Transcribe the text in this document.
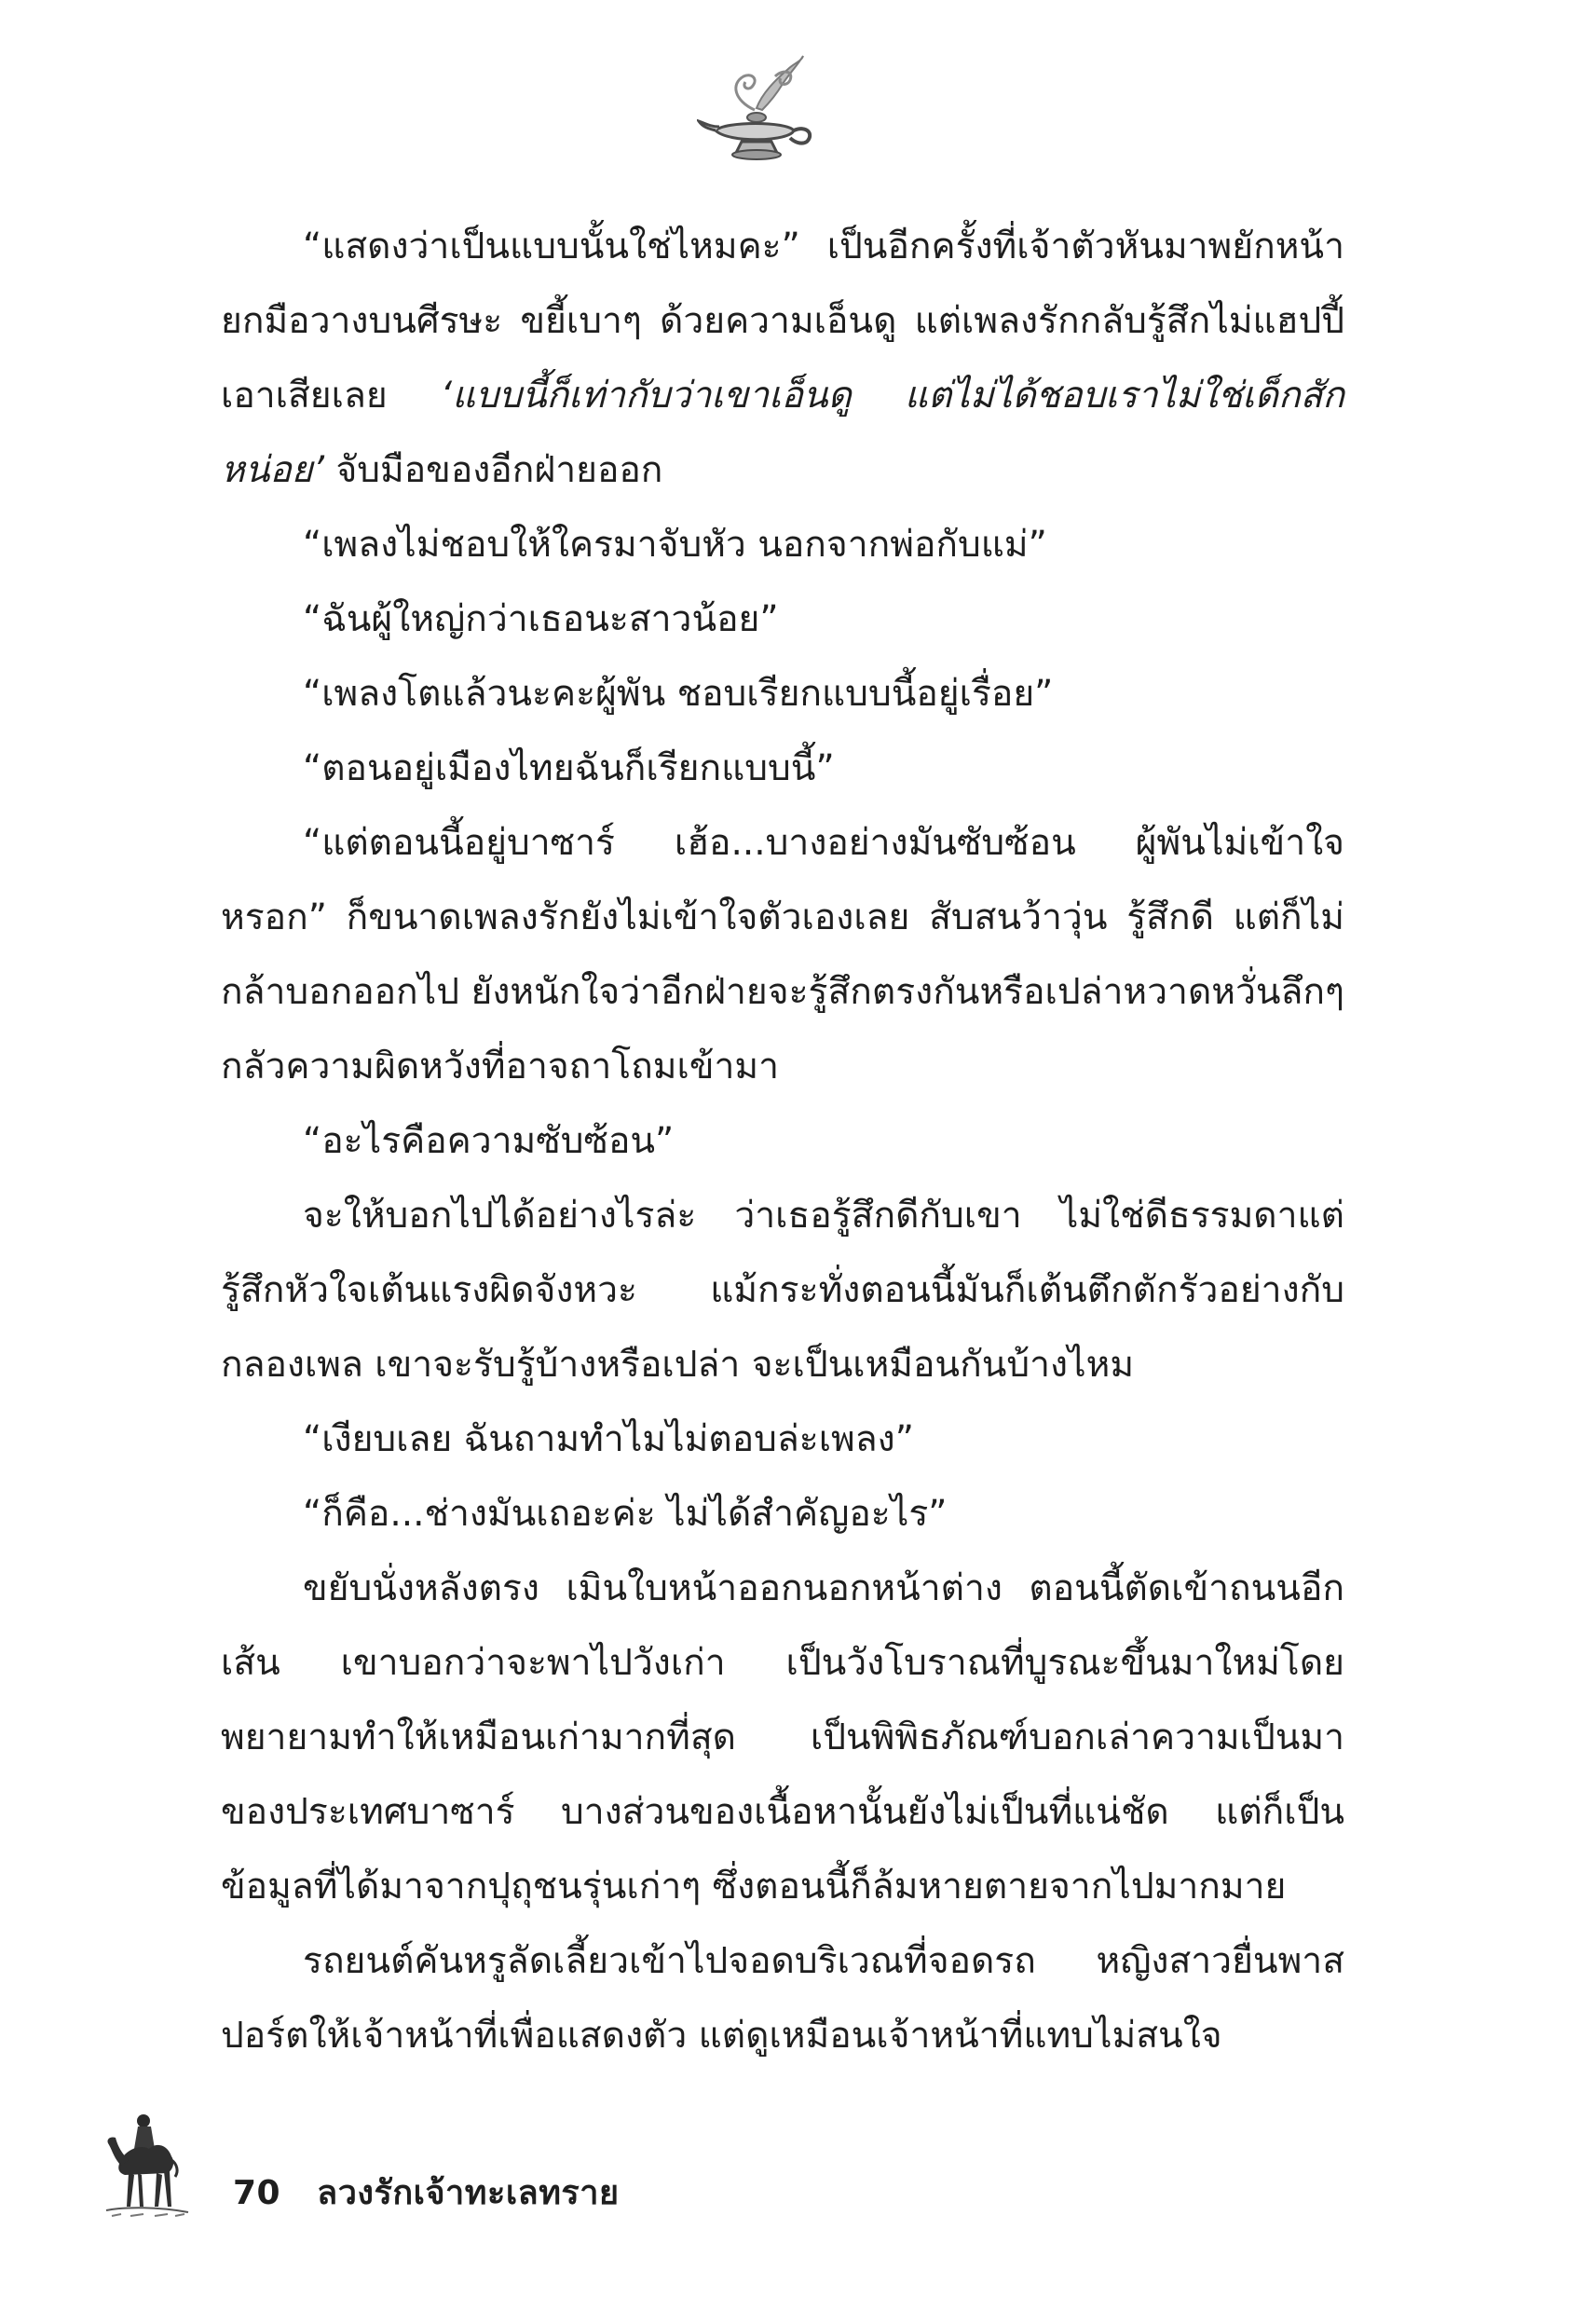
“แสดงว่าเป็นแบบนั้นใช่ไหมคะ” เป็นอีกครั้งที่เจ้าตัวหันมาพยักหน้า ยกมือวางบนศีรษะ ขยี้เบาๆ ด้วยความเอ็นดู แต่เพลงรักกลับรู้สึกไม่แฮปปี้เอาเสียเลย ‘แบบนี้ก็เท่ากับว่าเขาเอ็นดู แต่ไม่ได้ชอบเราไม่ใช่เด็กสักหน่อย’ จับมือของอีกฝ่ายออก

“เพลงไม่ชอบให้ใครมาจับหัว นอกจากพ่อกับแม่”

“ฉันผู้ใหญ่กว่าเธอนะสาวน้อย”

“เพลงโตแล้วนะคะผู้พัน ชอบเรียกแบบนี้อยู่เรื่อย”

“ตอนอยู่เมืองไทยฉันก็เรียกแบบนี้”

“แต่ตอนนี้อยู่บาซาร์ เฮ้อ...บางอย่างมันซับซ้อน ผู้พันไม่เข้าใจหรอก” ก็ขนาดเพลงรักยังไม่เข้าใจตัวเองเลย สับสนว้าวุ่น รู้สึกดี แต่ก็ไม่กล้าบอกออกไป ยังหนักใจว่าอีกฝ่ายจะรู้สึกตรงกันหรือเปล่าหวาดหวั่นลึกๆ กลัวความผิดหวังที่อาจถาโถมเข้ามา

“อะไรคือความซับซ้อน”

จะให้บอกไปได้อย่างไรล่ะ ว่าเธอรู้สึกดีกับเขา ไม่ใช่ดีธรรมดาแต่รู้สึกหัวใจเต้นแรงผิดจังหวะ แม้กระทั่งตอนนี้มันก็เต้นตึกตักรัวอย่างกับกลองเพล เขาจะรับรู้บ้างหรือเปล่า จะเป็นเหมือนกันบ้างไหม

“เงียบเลย ฉันถามทำไมไม่ตอบล่ะเพลง”

“ก็คือ...ช่างมันเถอะค่ะ ไม่ได้สำคัญอะไร”

ขยับนั่งหลังตรง เมินใบหน้าออกนอกหน้าต่าง ตอนนี้ตัดเข้าถนนอีกเส้น เขาบอกว่าจะพาไปวังเก่า เป็นวังโบราณที่บูรณะขึ้นมาใหม่โดยพยายามทำให้เหมือนเก่ามากที่สุด เป็นพิพิธภัณฑ์บอกเล่าความเป็นมาของประเทศบาซาร์ บางส่วนของเนื้อหานั้นยังไม่เป็นที่แน่ชัด แต่ก็เป็นข้อมูลที่ได้มาจากปุถุชนรุ่นเก่าๆ ซึ่งตอนนี้ก็ล้มหายตายจากไปมากมาย

รถยนต์คันหรูลัดเลี้ยวเข้าไปจอดบริเวณที่จอดรถ หญิงสาวยื่นพาสปอร์ตให้เจ้าหน้าที่เพื่อแสดงตัว แต่ดูเหมือนเจ้าหน้าที่แทบไม่สนใจ

70 ลวงรักเจ้าทะเลทราย
